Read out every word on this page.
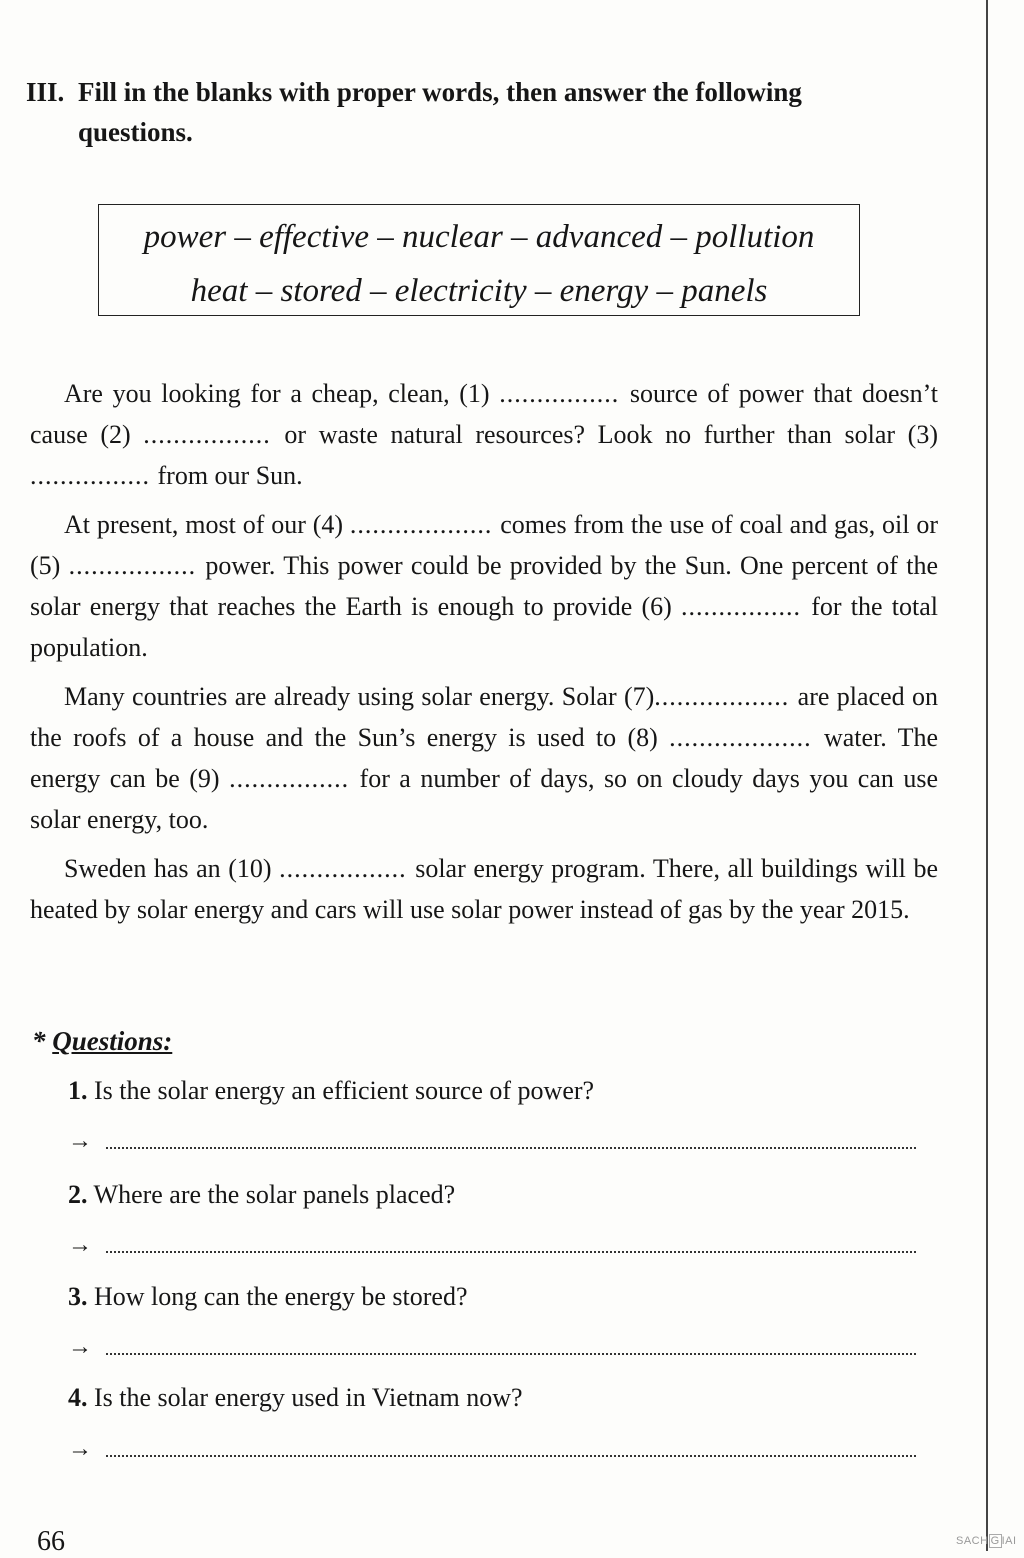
III. Fill in the blanks with proper words, then answer the following
questions.
power – effective – nuclear – advanced – pollution
heat – stored – electricity – energy – panels

Are you looking for a cheap, clean, (1) ................ source of power that doesn’t cause (2) ................. or waste natural resources? Look no further than solar (3) ................ from our Sun.

At present, most of our (4) ................... comes from the use of coal and gas, oil or (5) ................. power. This power could be provided by the Sun. One percent of the solar energy that reaches the Earth is enough to provide (6) ................ for the total population.

Many countries are already using solar energy. Solar (7).................. are placed on the roofs of a house and the Sun’s energy is used to (8) ................... water. The energy can be (9) ................ for a number of days, so on cloudy days you can use solar energy, too.

Sweden has an (10) ................. solar energy program. There, all buildings will be heated by solar energy and cars will use solar power instead of gas by the year 2015.

* Questions:
1. Is the solar energy an efficient source of power?
→
2. Where are the solar panels placed?
→
3. How long can the energy be stored?
→
4. Is the solar energy used in Vietnam now?
→
66	SACH G IAI
